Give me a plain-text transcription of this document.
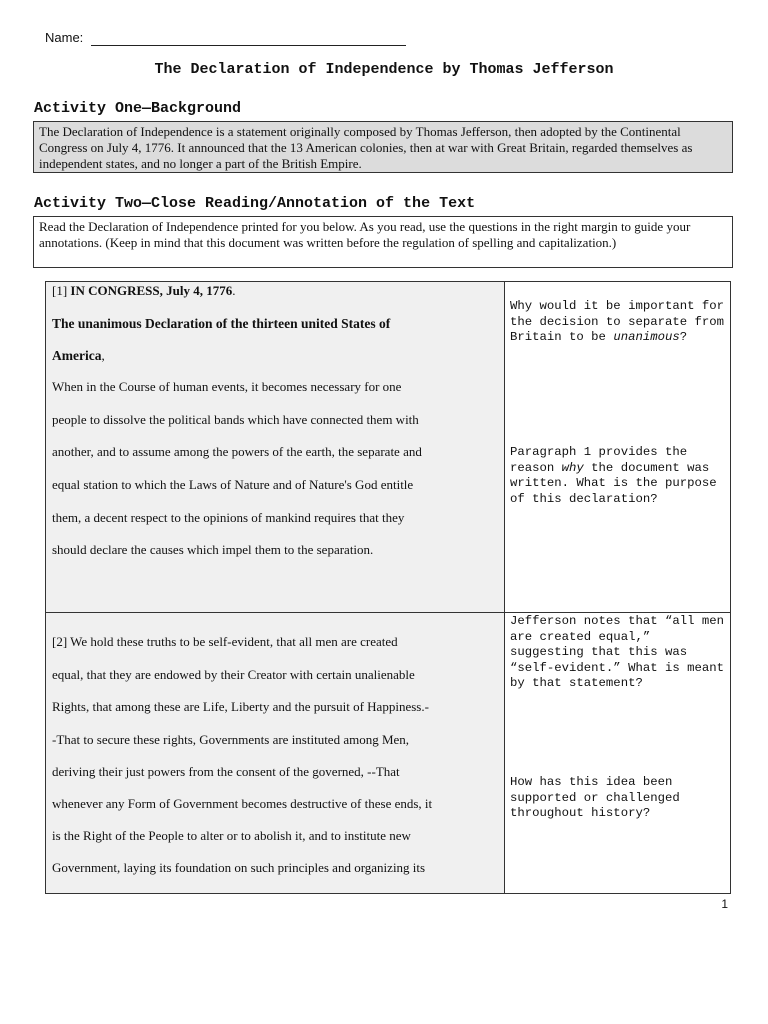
Name:
The Declaration of Independence by Thomas Jefferson
Activity One—Background
The Declaration of Independence is a statement originally composed by Thomas Jefferson, then adopted by the Continental Congress on July 4, 1776. It announced that the 13 American colonies, then at war with Great Britain, regarded themselves as independent states, and no longer a part of the British Empire.
Activity Two—Close Reading/Annotation of the Text
Read the Declaration of Independence printed for you below. As you read, use the questions in the right margin to guide your annotations. (Keep in mind that this document was written before the regulation of spelling and capitalization.)
[1] IN CONGRESS, July 4, 1776.
The unanimous Declaration of the thirteen united States of
America,
When in the Course of human events, it becomes necessary for one
people to dissolve the political bands which have connected them with
another, and to assume among the powers of the earth, the separate and
equal station to which the Laws of Nature and of Nature's God entitle
them, a decent respect to the opinions of mankind requires that they
should declare the causes which impel them to the separation.
Why would it be important for the decision to separate from Britain to be unanimous?
Paragraph 1 provides the reason why the document was written. What is the purpose of this declaration?
[2] We hold these truths to be self-evident, that all men are created
equal, that they are endowed by their Creator with certain unalienable
Rights, that among these are Life, Liberty and the pursuit of Happiness.-
-That to secure these rights, Governments are instituted among Men,
deriving their just powers from the consent of the governed, --That
whenever any Form of Government becomes destructive of these ends, it
is the Right of the People to alter or to abolish it, and to institute new
Government, laying its foundation on such principles and organizing its
Jefferson notes that “all men are created equal,” suggesting that this was “self-evident.” What is meant by that statement?
How has this idea been supported or challenged throughout history?
1
